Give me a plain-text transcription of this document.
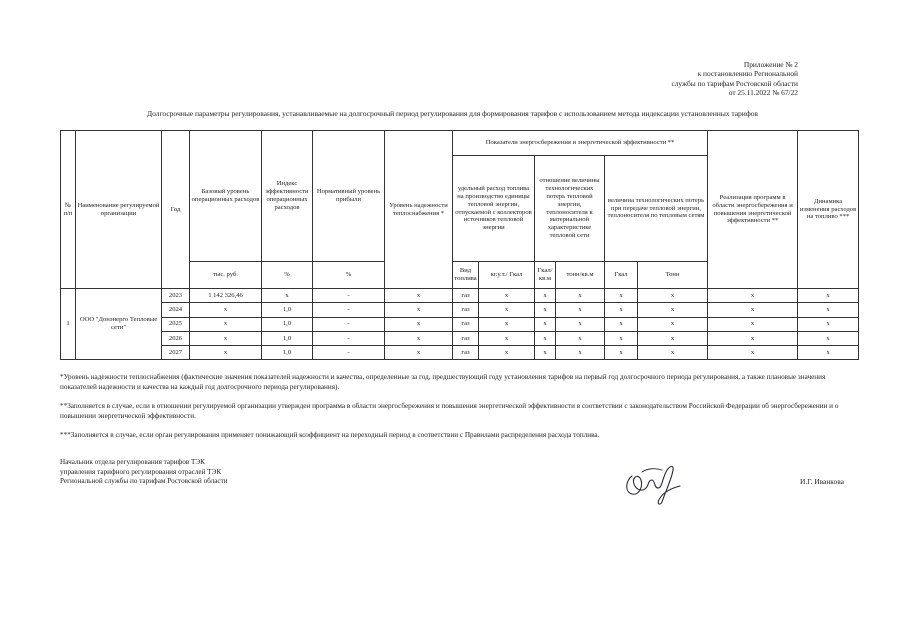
Приложение № 2
к постановлению Региональной
службы по тарифам Ростовской области
от 25.11.2022 № 67/22
Долгосрочные параметры регулирования, устанавливаемые на долгосрочный период регулирования для формирования тарифов с использованием метода индексации установленных тарифов
№ п/п	Наименование регулируемой организации	Год	Базовый уровень операционных расходов	Индекс эффективности операционных расходов	Нормативный уровень прибыли	Уровень надежности теплоснабжения *	Показатели энергосбережения и энергетической эффективности **						Реализация программ в области энергосбережения и повышения энергетической эффективности **	Динамика изменения расходов на топливо ***
							удельный расход топлива на производство единицы тепловой энергии, отпускаемой с коллекторов источников тепловой энергии		отношение величины технологических потерь тепловой энергии, теплоносителя к материальной характеристике тепловой сети		величина технологических потерь при передаче тепловой энергии, теплоносителя по тепловым сетям			
			тыс. руб.	%	%		Вид топлива	кг.у.т./ Гкал	Гкал/ кв.м	тонн/кв.м	Гкал	Тонн		
1	ООО "Донэнерго Тепловые сети"	2023	1 142 326,46	x	-	x	газ	x	x	x	x	x	x	x
		2024	x	1,0	-	x	газ	x	x	x	x	x	x	x
		2025	x	1,0	-	x	газ	x	x	x	x	x	x	x
		2026	x	1,0	-	x	газ	x	x	x	x	x	x	x
		2027	x	1,0	-	x	газ	x	x	x	x	x	x	x

*Уровень надежности теплоснабжения (фактические значения показателей надежности и качества, определенные за год, предшествующий году установления тарифов на первый год долгосрочного периода регулирования, а также плановые значения показателей надежности и качества на каждый год долгосрочного периода регулирования).

**Заполняется в случае, если в отношении регулируемой организации утвержден программа в области энергосбережения и повышения энергетической эффективности в соответствии с законодательством Российской Федерации об энергосбережении и о повышении энергетической эффективности.

***Заполняется в случае, если орган регулирования применяет понижающий коэффициент на переходный период в соответствии с Правилами распределения расхода топлива.

Начальник отдела регулирования тарифов ТЭК
управления тарифного регулирования отраслей ТЭК
Региональной службы по тарифам Ростовской области	И.Г. Иванкова
